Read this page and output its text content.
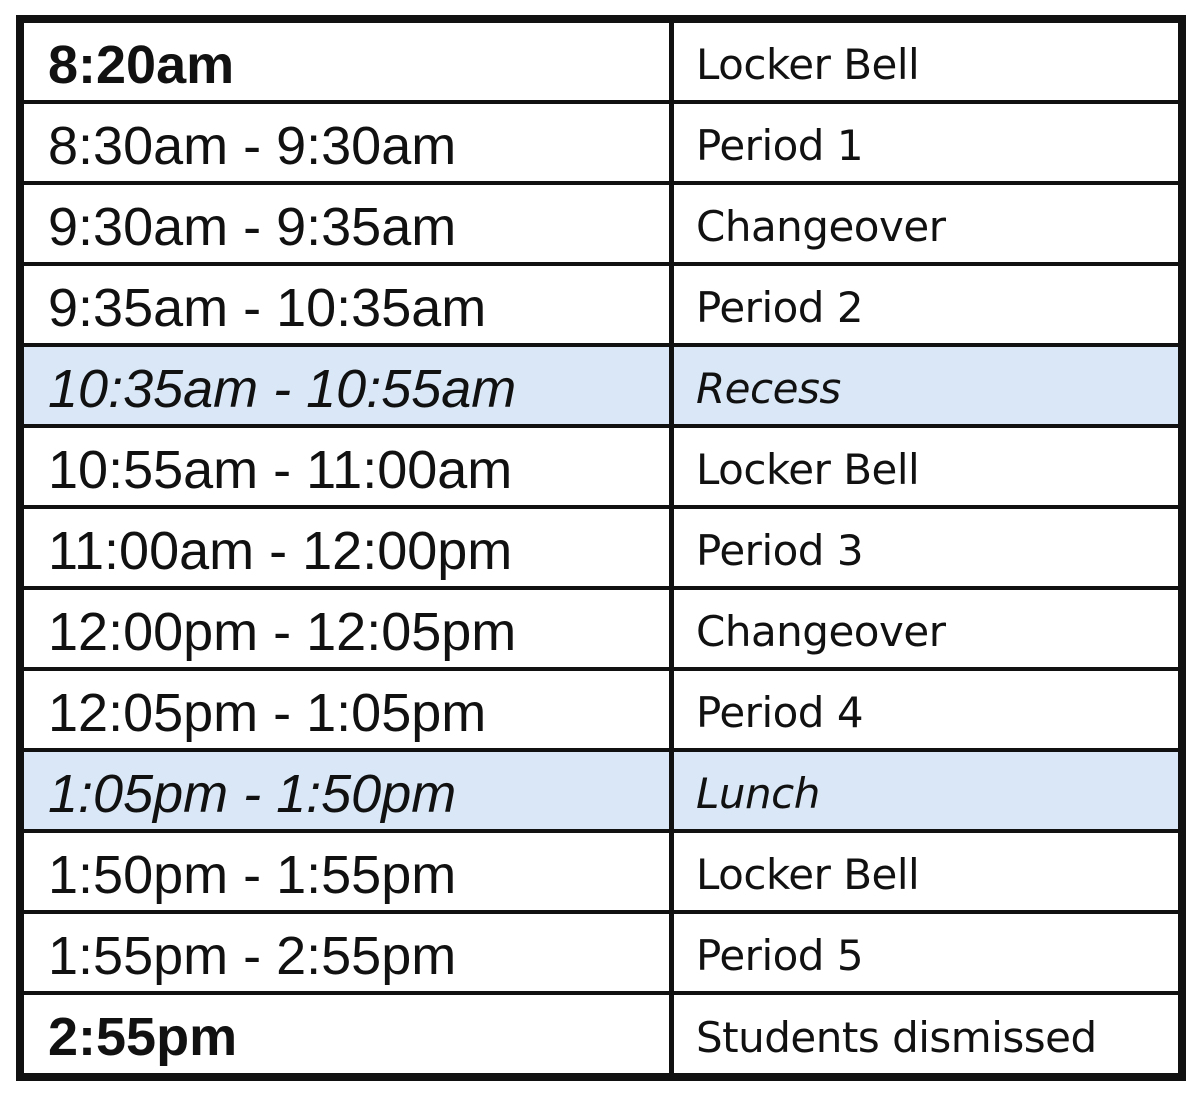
8:20am	Locker Bell
8:30am - 9:30am	Period 1
9:30am - 9:35am	Changeover
9:35am - 10:35am	Period 2
10:35am - 10:55am	Recess
10:55am - 11:00am	Locker Bell
11:00am - 12:00pm	Period 3
12:00pm - 12:05pm	Changeover
12:05pm - 1:05pm	Period 4
1:05pm - 1:50pm	Lunch
1:50pm - 1:55pm	Locker Bell
1:55pm - 2:55pm	Period 5
2:55pm	Students dismissed
